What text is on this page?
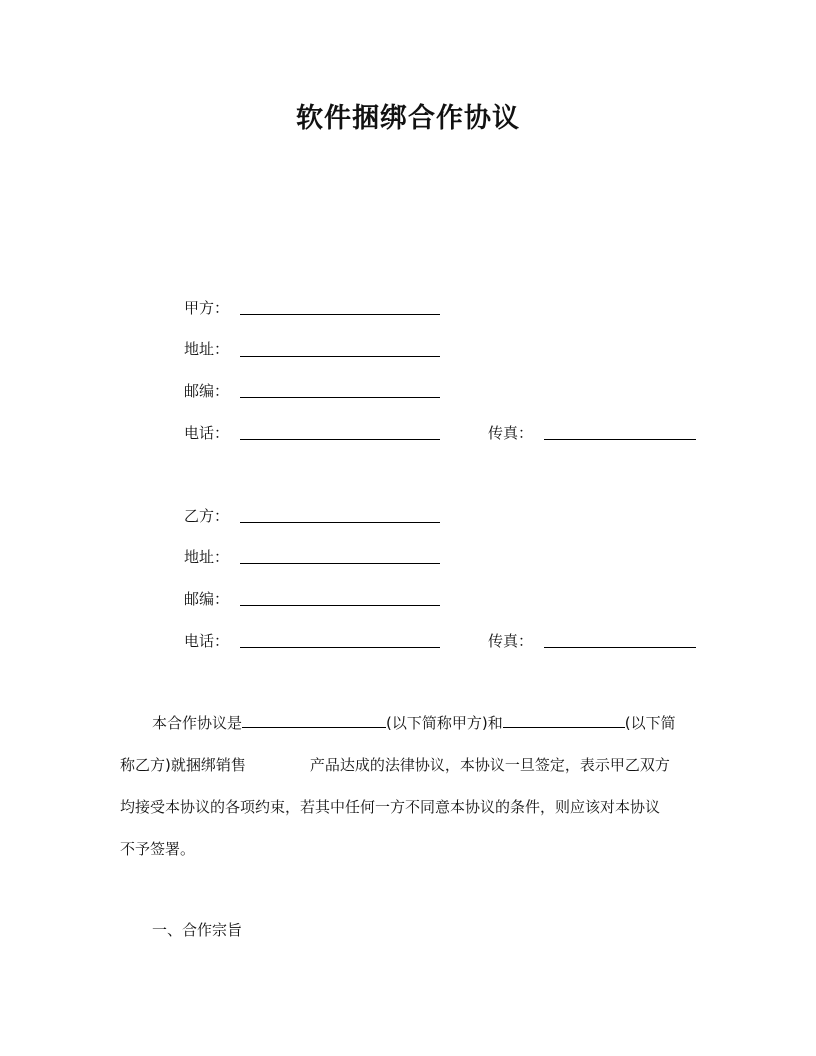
软件捆绑合作协议
甲方：
地址：
邮编：
电话：	传真：
乙方：
地址：
邮编：
电话：	传真：
本合作协议是	(以下简称甲方)和	(以下简
称乙方)就捆绑销售	产品达成的法律协议，本协议一旦签定，表示甲乙双方
均接受本协议的各项约束，若其中任何一方不同意本协议的条件，则应该对本协议
不予签署。
一、合作宗旨
